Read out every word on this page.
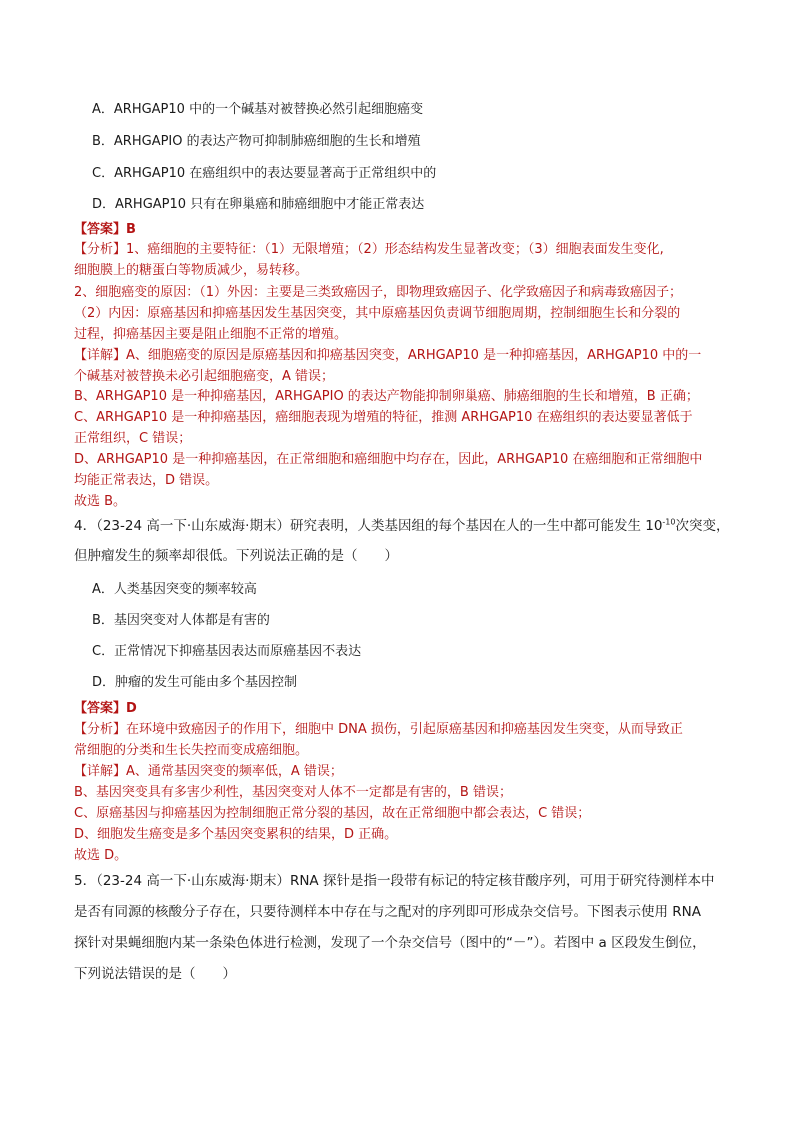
A．ARHGAP10 中的一个碱基对被替换必然引起细胞癌变
B．ARHGAPIO 的表达产物可抑制肺癌细胞的生长和增殖
C．ARHGAP10 在癌组织中的表达要显著高于正常组织中的
D．ARHGAP10 只有在卵巢癌和肺癌细胞中才能正常表达
【答案】B
【分析】1、癌细胞的主要特征：（1）无限增殖；（2）形态结构发生显著改变；（3）细胞表面发生变化,
细胞膜上的糖蛋白等物质减少，易转移。
2、细胞癌变的原因：（1）外因：主要是三类致癌因子，即物理致癌因子、化学致癌因子和病毒致癌因子；
（2）内因：原癌基因和抑癌基因发生基因突变，其中原癌基因负责调节细胞周期，控制细胞生长和分裂的
过程，抑癌基因主要是阻止细胞不正常的增殖。
【详解】A、细胞癌变的原因是原癌基因和抑癌基因突变，ARHGAP10 是一种抑癌基因，ARHGAP10 中的一
个碱基对被替换未必引起细胞癌变，A 错误；
B、ARHGAP10 是一种抑癌基因，ARHGAPIO 的表达产物能抑制卵巢癌、肺癌细胞的生长和增殖，B 正确；
C、ARHGAP10 是一种抑癌基因，癌细胞表现为增殖的特征，推测 ARHGAP10 在癌组织的表达要显著低于
正常组织，C 错误；
D、ARHGAP10 是一种抑癌基因，在正常细胞和癌细胞中均存在，因此，ARHGAP10 在癌细胞和正常细胞中
均能正常表达，D 错误。
故选 B。
4．（23-24 高一下·山东威海·期末）研究表明，人类基因组的每个基因在人的一生中都可能发生 $10^{-10}$次突变，
但肿瘤发生的频率却很低。下列说法正确的是（　　）
A．人类基因突变的频率较高
B．基因突变对人体都是有害的
C．正常情况下抑癌基因表达而原癌基因不表达
D．肿瘤的发生可能由多个基因控制
【答案】D
【分析】在环境中致癌因子的作用下，细胞中 DNA 损伤，引起原癌基因和抑癌基因发生突变，从而导致正
常细胞的分类和生长失控而变成癌细胞。
【详解】A、通常基因突变的频率低，A 错误；
B、基因突变具有多害少利性，基因突变对人体不一定都是有害的，B 错误；
C、原癌基因与抑癌基因为控制细胞正常分裂的基因，故在正常细胞中都会表达，C 错误；
D、细胞发生癌变是多个基因突变累积的结果，D 正确。
故选 D。
5．（23-24 高一下·山东威海·期末）RNA 探针是指一段带有标记的特定核苷酸序列，可用于研究待测样本中
是否有同源的核酸分子存在，只要待测样本中存在与之配对的序列即可形成杂交信号。下图表示使用 RNA
探针对果蝇细胞内某一条染色体进行检测，发现了一个杂交信号（图中的“－”）。若图中 a 区段发生倒位，
下列说法错误的是（　　）
